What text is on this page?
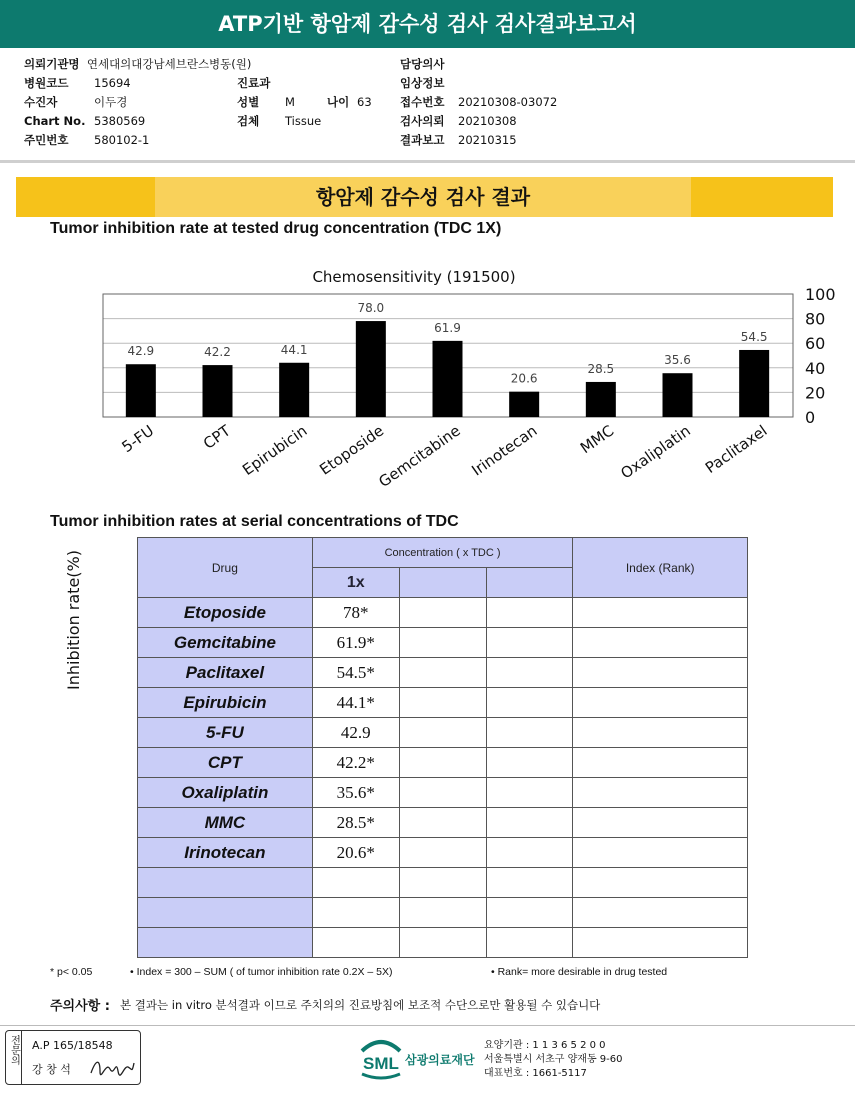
ATP기반 항암제 감수성 검사 검사결과보고서
의뢰기관명 연세대의대강남세브란스병동(원)
병원코드 15694
수진자	이두경
Chart No. 5380569
주민번호 580102-1
진료과
성별 M	나이 63
검체 Tissue
담당의사
임상정보
접수번호 20210308-03072
검사의뢰 20210308
결과보고 20210315
항암제 감수성 검사 결과
Tumor inhibition rate at tested drug concentration (TDC 1X)
Chemosensitivity (191500)
Inhibition rate(%)
100
80
60
40
20
0
42.9	42.2	44.1
78.0
61.9
20.6
28.5
35.6
54.5
5-FU	CPT Epirubicin Etoposide
Gemcitabine Irinotecan MMC Oxaliplatin Paclitaxel
Tumor inhibition rates at serial concentrations of TDC
Drug	Concentration ( x TDC )			Index (Rank)
	1x			
Etoposide	78*			
Gemcitabine	61.9*			
Paclitaxel	54.5*			
Epirubicin	44.1*			
5-FU	42.9			
CPT	42.2*			
Oxaliplatin	35.6*			
MMC	28.5*			
Irinotecan	20.6*			

* p< 0.05	• Index = 300 – SUM ( of tumor inhibition rate 0.2X – 5X)	• Rank= more desirable in drug tested
주의사항 : 본 결과는 in vitro 분석결과 이므로 주치의의 진료방침에 보조적 수단으로만 활용될 수 있습니다
전문의 A.P 165/18548
강 창 석	SML 삼광의료재단
요양기관 : 1 1 3 6 5 2 0 0
서울특별시 서초구 양재동 9-60
대표번호 : 1661-5117
